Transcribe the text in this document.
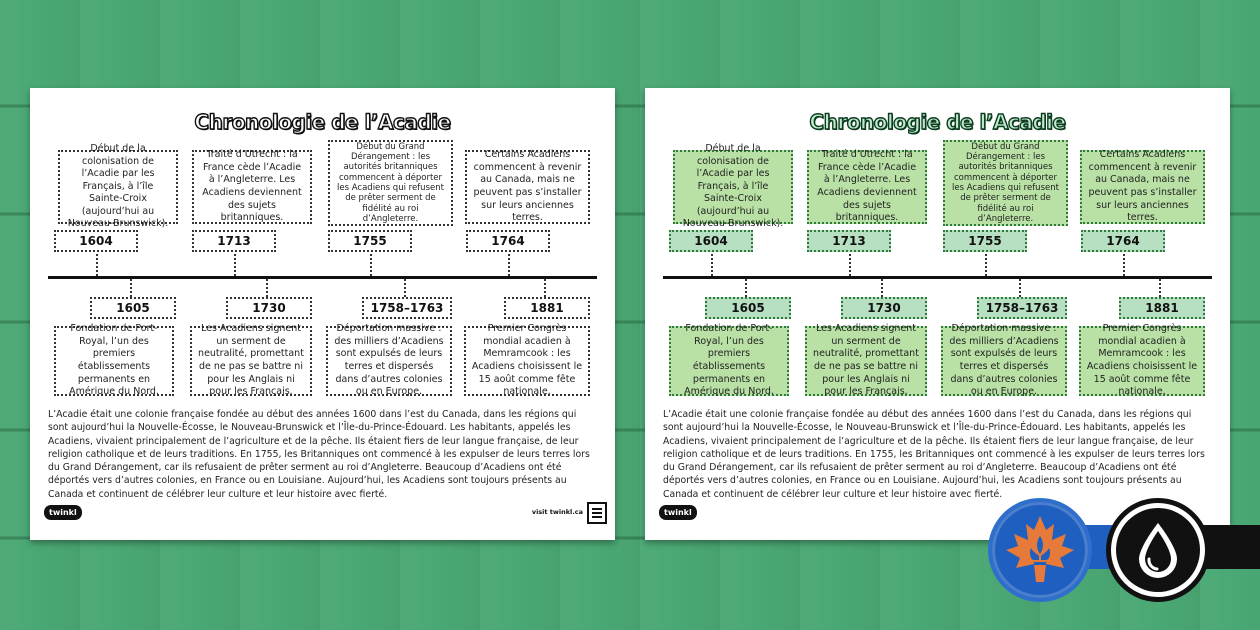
Chronologie de l’Acadie
Début de la colonisation de l’Acadie par les Français, à l’île Sainte-Croix (aujourd’hui au Nouveau-Brunswick).
Traité d’Utrecht : la France cède l’Acadie à l’Angleterre. Les Acadiens deviennent des sujets britanniques.
Début du Grand Dérangement : les autorités britanniques commencent à déporter les Acadiens qui refusent de prêter serment de fidélité au roi d’Angleterre.
Certains Acadiens commencent à revenir au Canada, mais ne peuvent pas s’installer sur leurs anciennes terres.
1604	1713	1755	1764
1605	1730	1758–1763	1881
Fondation de Port-Royal, l’un des premiers établissements permanents en Amérique du Nord.
Les Acadiens signent un serment de neutralité, promettant de ne pas se battre ni pour les Anglais ni pour les Français.
Déportation massive : des milliers d’Acadiens sont expulsés de leurs terres et dispersés dans d’autres colonies ou en Europe.
Premier Congrès mondial acadien à Memramcook : les Acadiens choisissent le 15 août comme fête nationale.
L’Acadie était une colonie française fondée au début des années 1600 dans l’est du Canada, dans les régions qui sont aujourd’hui la Nouvelle-Écosse, le Nouveau-Brunswick et l’Île-du-Prince-Édouard. Les habitants, appelés les Acadiens, vivaient principalement de l’agriculture et de la pêche. Ils étaient fiers de leur langue française, de leur religion catholique et de leurs traditions. En 1755, les Britanniques ont commencé à les expulser de leurs terres lors du Grand Dérangement, car ils refusaient de prêter serment au roi d’Angleterre. Beaucoup d’Acadiens ont été déportés vers d’autres colonies, en France ou en Louisiane. Aujourd’hui, les Acadiens sont toujours présents au Canada et continuent de célébrer leur culture et leur histoire avec fierté.
twinkl	visit twinkl.ca
Chronologie de l’Acadie
Début de la colonisation de l’Acadie par les Français, à l’île Sainte-Croix (aujourd’hui au Nouveau-Brunswick).
Traité d’Utrecht : la France cède l’Acadie à l’Angleterre. Les Acadiens deviennent des sujets britanniques.
Début du Grand Dérangement : les autorités britanniques commencent à déporter les Acadiens qui refusent de prêter serment de fidélité au roi d’Angleterre.
Certains Acadiens commencent à revenir au Canada, mais ne peuvent pas s’installer sur leurs anciennes terres.
1604	1713	1755	1764
1605	1730	1758–1763	1881
Fondation de Port-Royal, l’un des premiers établissements permanents en Amérique du Nord.
Les Acadiens signent un serment de neutralité, promettant de ne pas se battre ni pour les Anglais ni pour les Français.
Déportation massive : des milliers d’Acadiens sont expulsés de leurs terres et dispersés dans d’autres colonies ou en Europe.
Premier Congrès mondial acadien à Memramcook : les Acadiens choisissent le 15 août comme fête nationale.
L’Acadie était une colonie française fondée au début des années 1600 dans l’est du Canada, dans les régions qui sont aujourd’hui la Nouvelle-Écosse, le Nouveau-Brunswick et l’Île-du-Prince-Édouard. Les habitants, appelés les Acadiens, vivaient principalement de l’agriculture et de la pêche. Ils étaient fiers de leur langue française, de leur religion catholique et de leurs traditions. En 1755, les Britanniques ont commencé à les expulser de leurs terres lors du Grand Dérangement, car ils refusaient de prêter serment au roi d’Angleterre. Beaucoup d’Acadiens ont été déportés vers d’autres colonies, en France ou en Louisiane. Aujourd’hui, les Acadiens sont toujours présents au Canada et continuent de célébrer leur culture et leur histoire avec fierté.
twinkl
